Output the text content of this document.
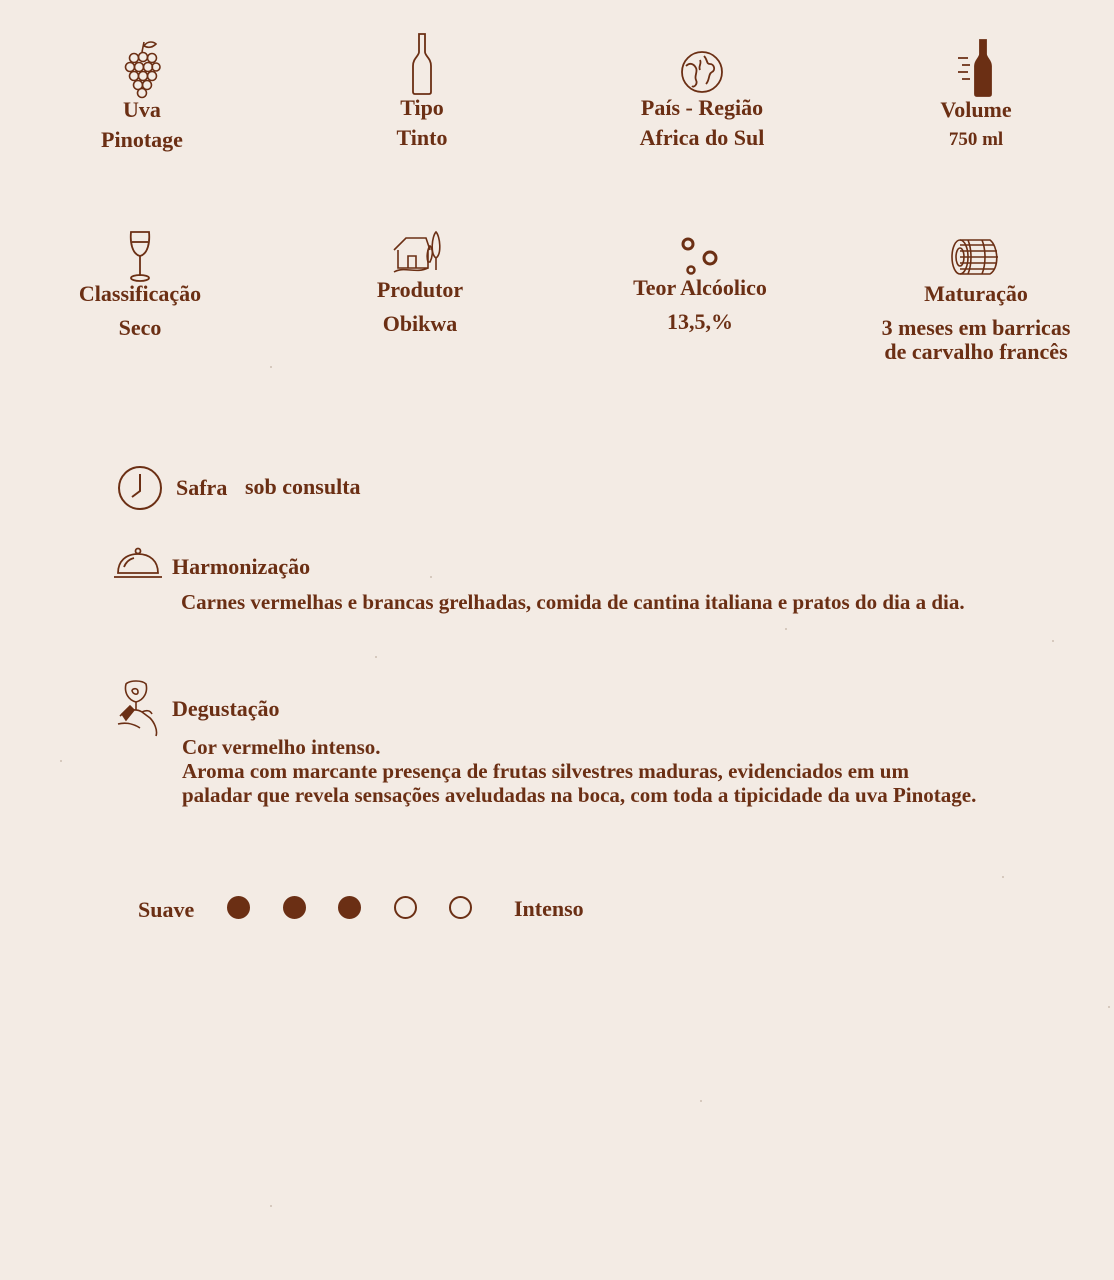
Uva
Pinotage
Tipo
Tinto
País - Região
Africa do Sul
Volume
750 ml
Classificação
Seco
Produtor
Obikwa
Teor Alcóolico
13,5,%
Maturação
3 meses em barricas
de carvalho francês
Safra sob consulta
Harmonização
Carnes vermelhas e brancas grelhadas, comida de cantina italiana e pratos do dia a dia.
Degustação
Cor vermelho intenso.
Aroma com marcante presença de frutas silvestres maduras, evidenciados em um
paladar que revela sensações aveludadas na boca, com toda a tipicidade da uva Pinotage.
Suave	Intenso
